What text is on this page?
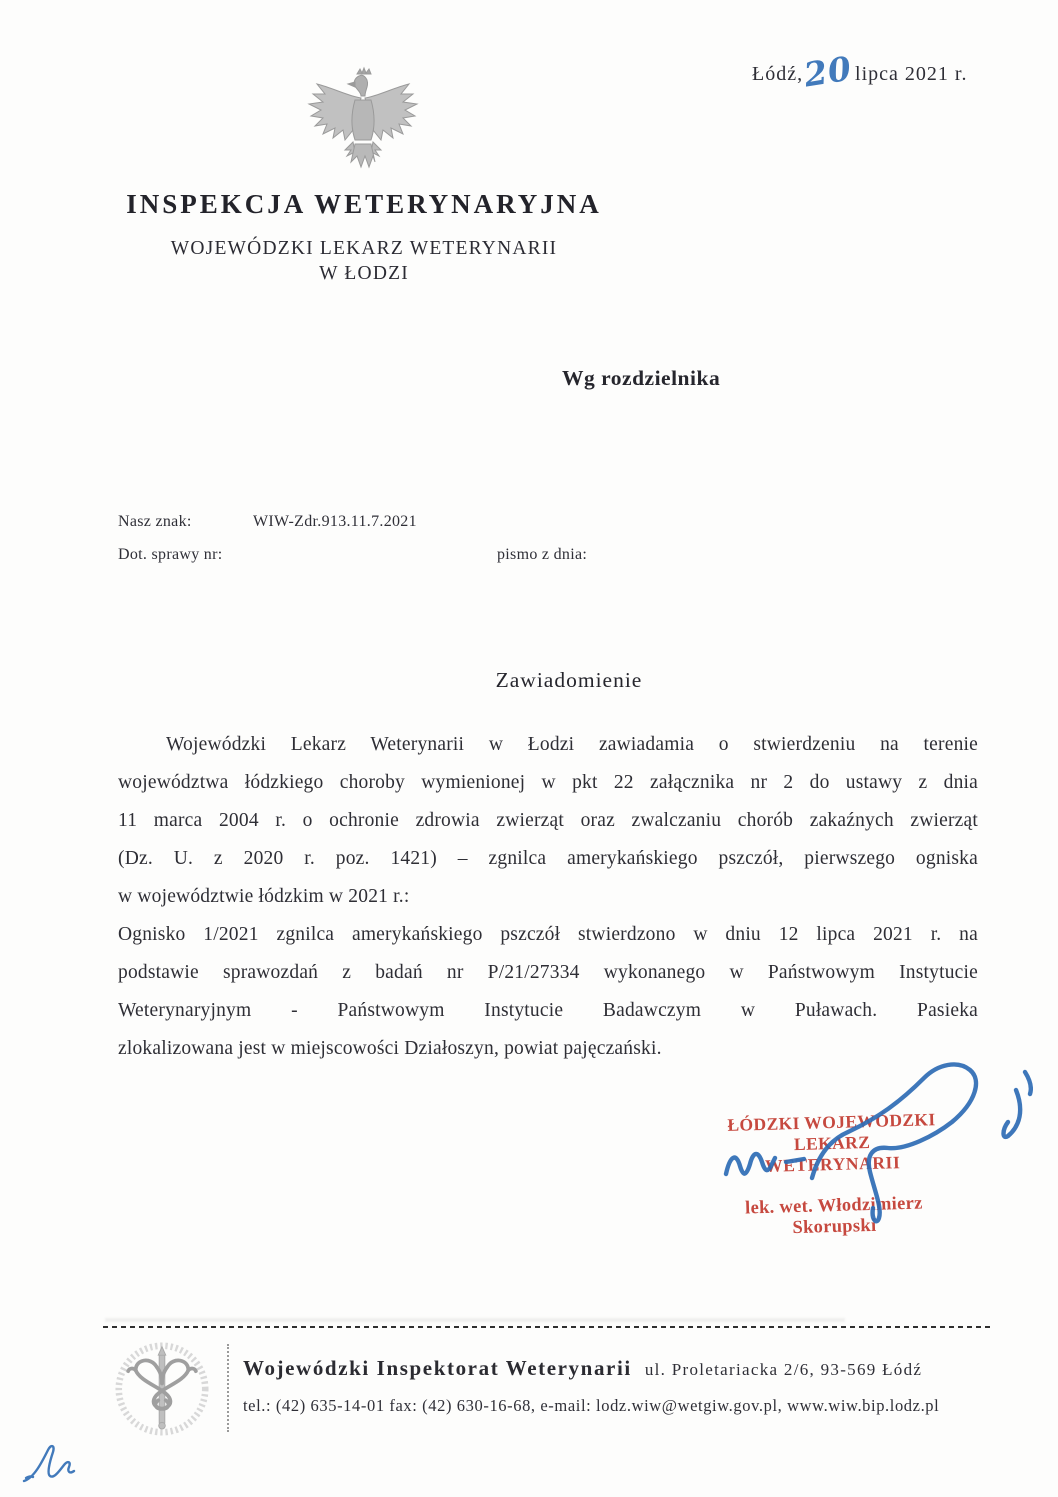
Łódź,
20 lipca 2021 r.
INSPEKCJA WETERYNARYJNA
WOJEWÓDZKI LEKARZ WETERYNARII
W ŁODZI
Wg rozdzielnika
Nasz znak:	WIW-Zdr.913.11.7.2021
Dot. sprawy nr:	pismo z dnia:
Zawiadomienie
Wojewódzki Lekarz Weterynarii w Łodzi zawiadamia o stwierdzeniu na terenie
województwa łódzkiego choroby wymienionej w pkt 22 załącznika nr 2 do ustawy z dnia
11 marca 2004 r. o ochronie zdrowia zwierząt oraz zwalczaniu chorób zakaźnych zwierząt
(Dz. U. z 2020 r. poz. 1421) – zgnilca amerykańskiego pszczół, pierwszego ogniska
w województwie łódzkim w 2021 r.:
Ognisko 1/2021 zgnilca amerykańskiego pszczół stwierdzono w dniu 12 lipca 2021 r. na
podstawie sprawozdań z badań nr P/21/27334 wykonanego w Państwowym Instytucie
Weterynaryjnym - Państwowym Instytucie Badawczym w Puławach. Pasieka
zlokalizowana jest w miejscowości Działoszyn, powiat pajęczański.
ŁÓDZKI WOJEWÓDZKI LEKARZ
WETERYNARII
lek. wet. Włodzimierz Skorupski
Wojewódzki Inspektorat Weterynarii ul. Proletariacka 2/6, 93-569 Łódź
tel.: (42) 635-14-01 fax: (42) 630-16-68, e-mail: lodz.wiw@wetgiw.gov.pl, www.wiw.bip.lodz.pl
